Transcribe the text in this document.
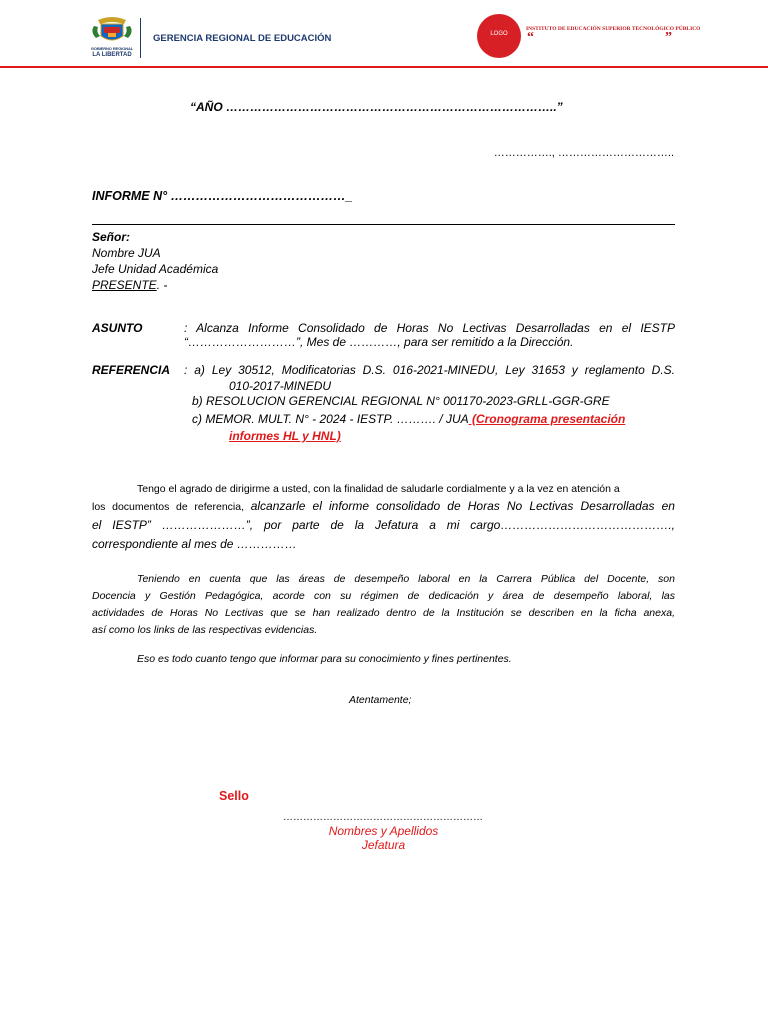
GOBIERNO REGIONAL
LA LIBERTAD
GERENCIA REGIONAL DE EDUCACIÓN	LOGO
INSTITUTO DE EDUCACIÓN SUPERIOR TECNOLÓGICO PÚBLICO
“	”
“AÑO ………………………………………………………………………..”
……………., …………………………..
INFORME N° ……………………………………_
Señor:
Nombre JUA
Jefe Unidad Académica
PRESENTE. -
ASUNTO	: Alcanza Informe Consolidado de Horas No Lectivas Desarrolladas en el IESTP
“………………………”, Mes de …………, para ser remitido a la Dirección.
REFERENCIA : a) Ley 30512, Modificatorias D.S. 016-2021-MINEDU, Ley 31653 y reglamento D.S.
010-2017-MINEDU
b) RESOLUCION GERENCIAL REGIONAL N° 001170-2023-GRLL-GGR-GRE
c) MEMOR. MULT. N° - 2024 - IESTP. ………. / JUA (Cronograma presentación
informes HL y HNL)
Tengo el agrado de dirigirme a usted, con la finalidad de saludarle cordialmente y a la vez en atención a
los documentos de referencia, alcanzarle el informe consolidado de Horas No Lectivas Desarrolladas en
el IESTP” …………………”, por parte de la Jefatura a mi cargo…………………………………….,
correspondiente al mes de ……………
Teniendo en cuenta que las áreas de desempeño laboral en la Carrera Pública del Docente, son
Docencia y Gestión Pedagógica, acorde con su régimen de dedicación y área de desempeño laboral, las
actividades de Horas No Lectivas que se han realizado dentro de la Institución se describen en la ficha anexa,
así como los links de las respectivas evidencias.
Eso es todo cuanto tengo que informar para su conocimiento y fines pertinentes.
Atentamente;
Sello
……………………………………………………
Nombres y Apellidos
Jefatura
